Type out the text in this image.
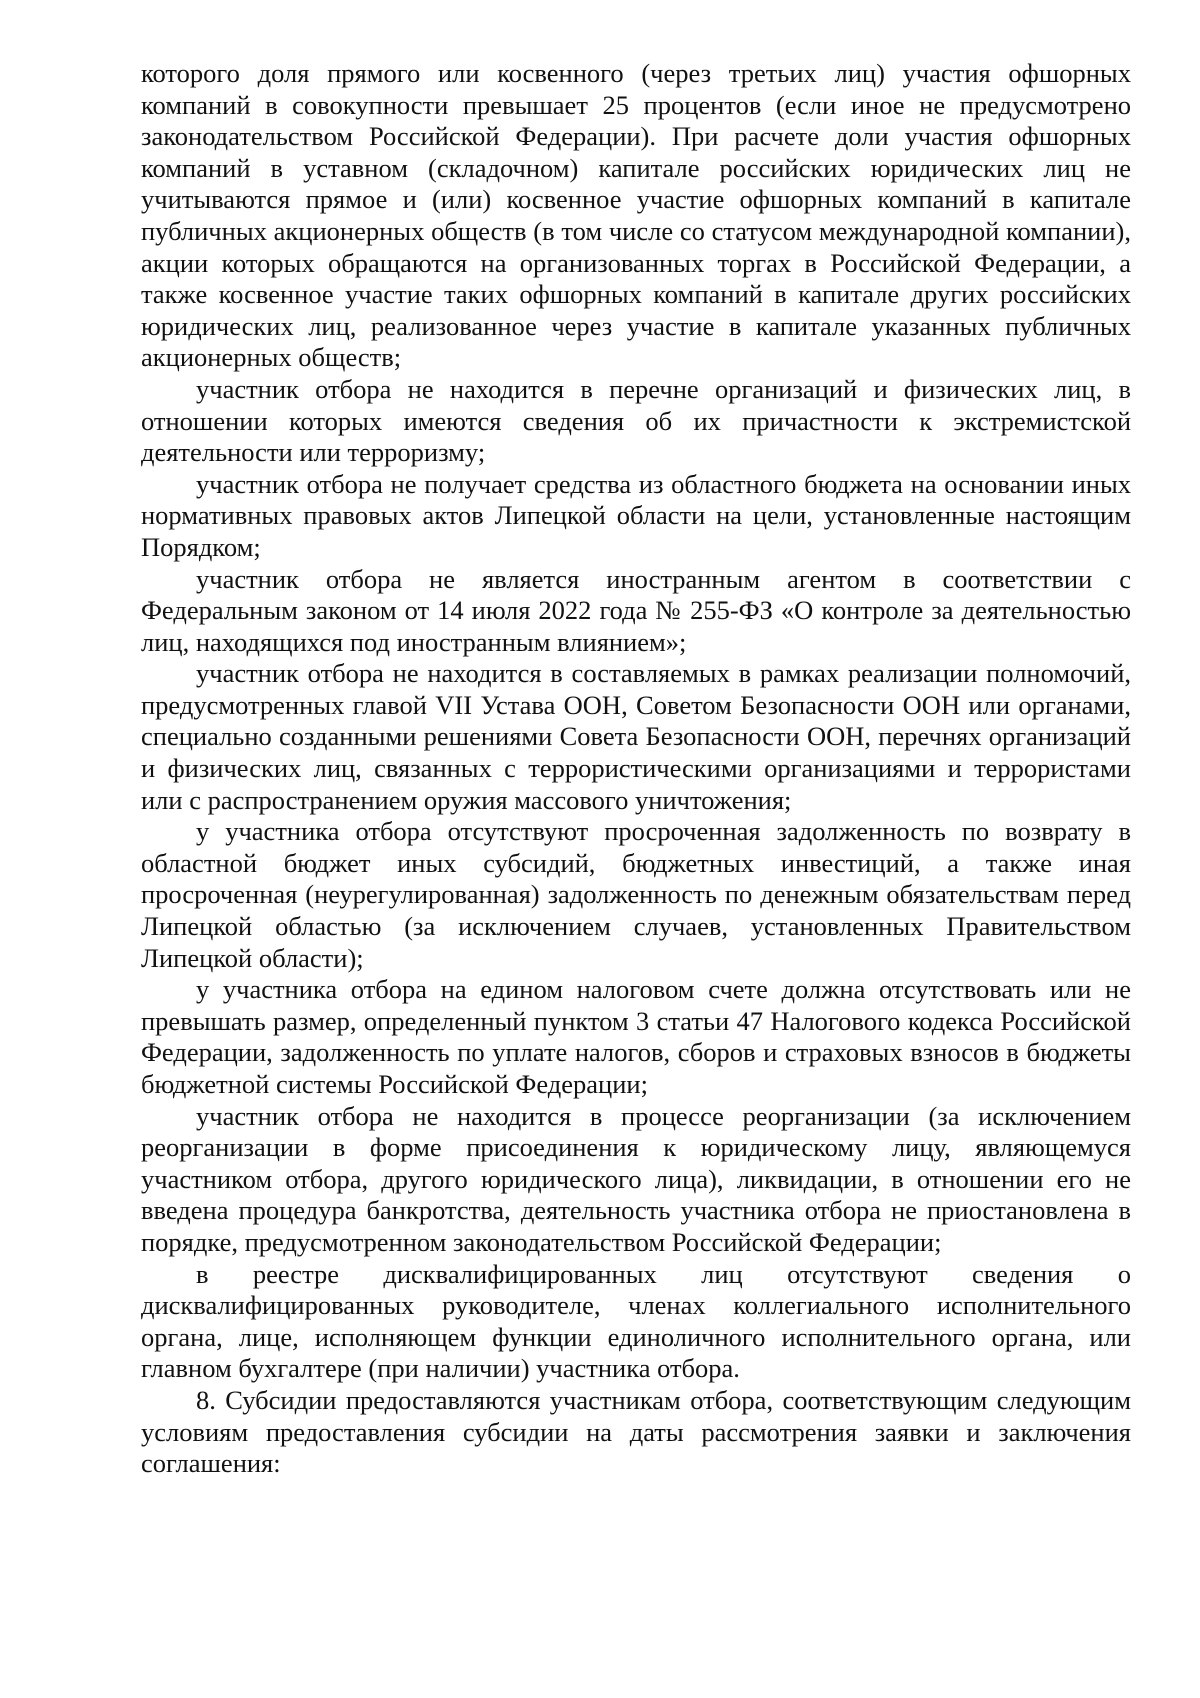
которого доля прямого или косвенного (через третьих лиц) участия офшорных компаний в совокупности превышает 25 процентов (если иное не предусмотрено законодательством Российской Федерации). При расчете доли участия офшорных компаний в уставном (складочном) капитале российских юридических лиц не учитываются прямое и (или) косвенное участие офшорных компаний в капитале публичных акционерных обществ (в том числе со статусом международной компании), акции которых обращаются на организованных торгах в Российской Федерации, а также косвенное участие таких офшорных компаний в капитале других российских юридических лиц, реализованное через участие в капитале указанных публичных акционерных обществ;

участник отбора не находится в перечне организаций и физических лиц, в отношении которых имеются сведения об их причастности к экстремистской деятельности или терроризму;

участник отбора не получает средства из областного бюджета на основании иных нормативных правовых актов Липецкой области на цели, установленные настоящим Порядком;

участник отбора не является иностранным агентом в соответствии с Федеральным законом от 14 июля 2022 года № 255-ФЗ «О контроле за деятельностью лиц, находящихся под иностранным влиянием»;

участник отбора не находится в составляемых в рамках реализации полномочий, предусмотренных главой VII Устава ООН, Советом Безопасности ООН или органами, специально созданными решениями Совета Безопасности ООН, перечнях организаций и физических лиц, связанных с террористическими организациями и террористами или с распространением оружия массового уничтожения;

у участника отбора отсутствуют просроченная задолженность по возврату в областной бюджет иных субсидий, бюджетных инвестиций, а также иная просроченная (неурегулированная) задолженность по денежным обязательствам перед Липецкой областью (за исключением случаев, установленных Правительством Липецкой области);

у участника отбора на едином налоговом счете должна отсутствовать или не превышать размер, определенный пунктом 3 статьи 47 Налогового кодекса Российской Федерации, задолженность по уплате налогов, сборов и страховых взносов в бюджеты бюджетной системы Российской Федерации;

участник отбора не находится в процессе реорганизации (за исключением реорганизации в форме присоединения к юридическому лицу, являющемуся участником отбора, другого юридического лица), ликвидации, в отношении его не введена процедура банкротства, деятельность участника отбора не приостановлена в порядке, предусмотренном законодательством Российской Федерации;

в реестре дисквалифицированных лиц отсутствуют сведения о дисквалифицированных руководителе, членах коллегиального исполнительного органа, лице, исполняющем функции единоличного исполнительного органа, или главном бухгалтере (при наличии) участника отбора.

8. Субсидии предоставляются участникам отбора, соответствующим следующим условиям предоставления субсидии на даты рассмотрения заявки и заключения соглашения:
